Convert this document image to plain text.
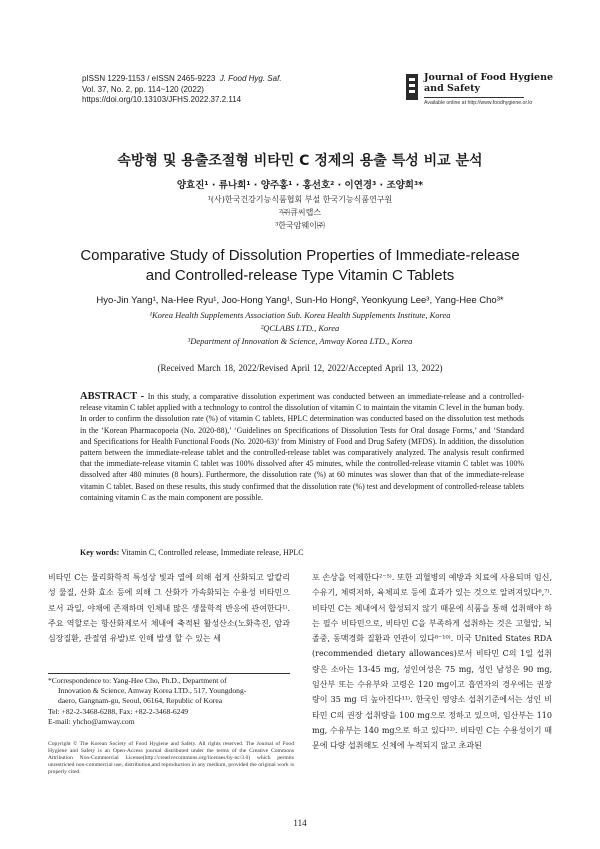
pISSN 1229-1153 / eISSN 2465-9223 J. Food Hyg. Saf.
Vol. 37, No. 2, pp. 114~120 (2022)
https://doi.org/10.13103/JFHS.2022.37.2.114
Journal of Food Hygiene
and Safety
Available online at http://www.foodhygiene.or.kr
속방형 및 용출조절형 비타민 C 정제의 용출 특성 비교 분석
양효진¹ · 류나희¹ · 양주홍¹ · 홍선호² · 이연경³ · 조양희³*
¹(사)한국건강기능식품협회 부설 한국기능식품연구원
²㈜큐씨랩스
³한국암웨이㈜
Comparative Study of Dissolution Properties of Immediate-release
and Controlled-release Type Vitamin C Tablets
Hyo-Jin Yang¹, Na-Hee Ryu¹, Joo-Hong Yang¹, Sun-Ho Hong², Yeonkyung Lee³, Yang-Hee Cho³*
¹Korea Health Supplements Association Sub. Korea Health Supplements Institute, Korea
²QCLABS LTD., Korea
³Department of Innovation & Science, Amway Korea LTD., Korea
(Received March 18, 2022/Revised April 12, 2022/Accepted April 13, 2022)
ABSTRACT - In this study, a comparative dissolution experiment was conducted between an immediate-release and a controlled-release vitamin C tablet applied with a technology to control the dissolution of vitamin C to maintain the vitamin C level in the human body. In order to confirm the dissolution rate (%) of vitamin C tablets, HPLC determination was conducted based on the dissolution test methods in the ‘Korean Pharmacopoeia (No. 2020-88),’ ‘Guidelines on Specifications of Dissolution Tests for Oral dosage Forms,’ and ‘Standard and Specifications for Health Functional Foods (No. 2020-63)’ from Ministry of Food and Drug Safety (MFDS). In addition, the dissolution pattern between the immediate-release tablet and the controlled-release tablet was comparatively analyzed. The analysis result confirmed that the immediate-release vitamin C tablet was 100% dissolved after 45 minutes, while the controlled-release vitamin C tablet was 100% dissolved after 480 minutes (8 hours). Furthermore, the dissolution rate (%) at 60 minutes was slower than that of the immediate-release vitamin C tablet. Based on these results, this study confirmed that the dissolution rate (%) test and development of controlled-release tablets containing vitamin C as the main component are possible.
Key words: Vitamin C, Controlled release, Immediate release, HPLC
비타민 C는 물리화학적 특성상 빛과 열에 의해 쉽게 산화되고 알칼리성 물질, 산화 효소 등에 의해 그 산화가 가속화되는 수용성 비타민으로서 과일, 야채에 존재하며 인체내 많은 생물학적 반응에 관여한다¹⁾. 주요 역할로는 항산화제로서 체내에 축적된 활성산소(노화촉진, 암과 심장질환, 관절염 유발)로 인해 발생 할 수 있는 세
포 손상을 억제한다²⁻⁵⁾. 또한 괴혈병의 예방과 치료에 사용되며 임신, 수유기, 체력저하, 육체피로 등에 효과가 있는 것으로 알려져있다⁶,⁷⁾. 비타민 C는 체내에서 합성되지 않기 때문에 식품을 통해 섭취해야 하는 필수 비타민으로, 비타민 C을 부족하게 섭취하는 것은 고혈압, 뇌졸중, 동맥경화 질환과 연관이 있다⁸⁻¹⁰⁾. 미국 United States RDA (recommended dietary allowances)로서 비타민 C의 1일 섭취량은 소아는 13-45 mg, 성인여성은 75 mg, 성인 남성은 90 mg, 임산부 또는 수유부와 고령은 120 mg이고 흡연자의 경우에는 권장량이 35 mg 더 높아진다¹¹⁾. 한국인 영양소 섭취기준에서는 성인 비타민 C의 권장 섭취량을 100 mg으로 정하고 있으며, 임산부는 110 mg, 수유부는 140 mg으로 하고 있다¹²⁾. 비타민 C는 수용성이기 때문에 다량 섭취해도 신체에 누적되지 않고 초과된
*Correspondence to: Yang-Hee Cho, Ph.D., Department of
Innovation & Science, Amway Korea LTD., 517, Youngdong-
daero, Gangnam-gu, Seoul, 06164, Republic of Korea
Tel: +82-2-3468-6288, Fax: +82-2-3468-6249
E-mail: yhcho@amway.com
Copyright © The Korean Society of Food Hygiene and Safety. All rights reserved. The Journal of Food Hygiene and Safety is an Open-Access journal distributed under the terms of the Creative Commons Attribution Non-Commercial License(http://creativecommons.org/licenses/by-nc/3.0) which permits unrestricted non-commercial use, distribution,and reproduction in any medium, provided the original work is properly cited.
114
